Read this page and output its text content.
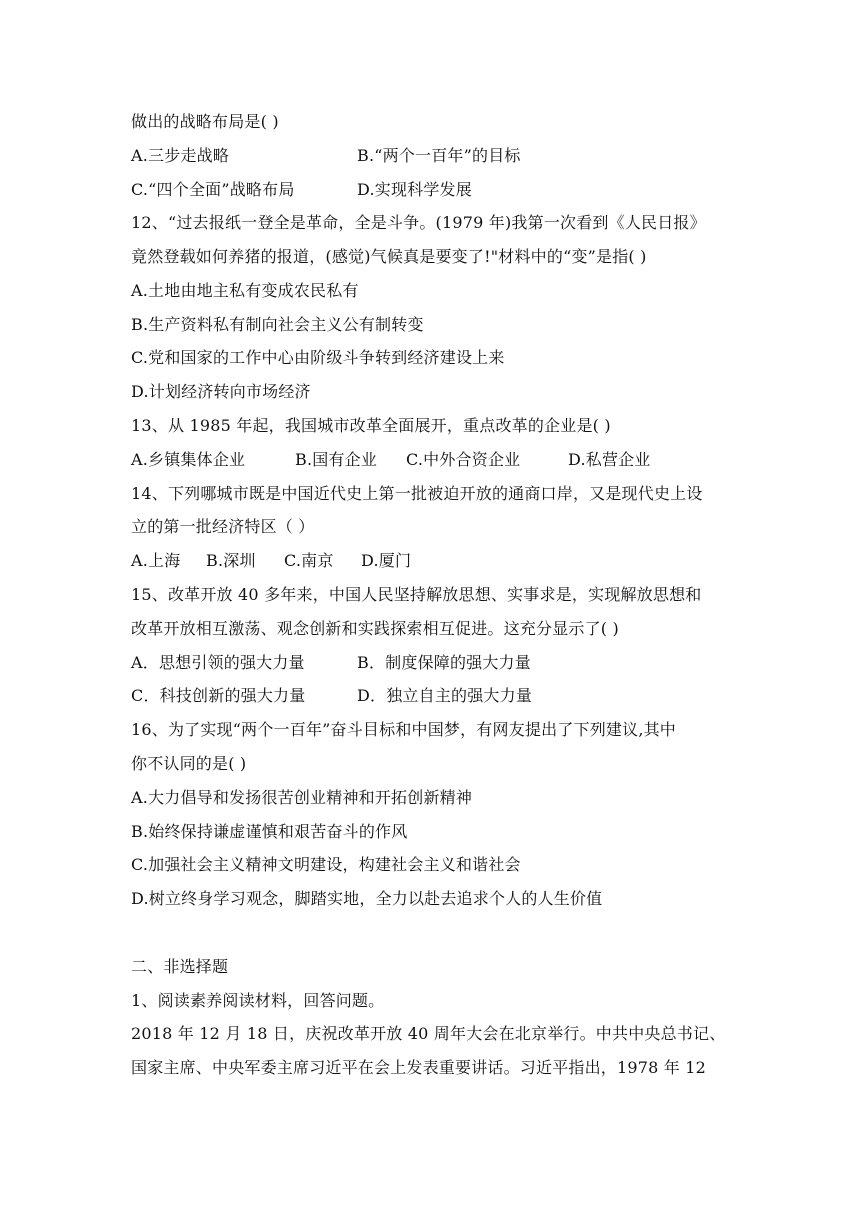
做出的战略布局是( )
A.三步走战略	B.“两个一百年”的目标
C.“四个全面”战略布局	D.实现科学发展
12、“过去报纸一登全是革命，全是斗争。(1979 年)我第一次看到《人民日报》
竟然登载如何养猪的报道，(感觉)气候真是要变了!"材料中的“变”是指( )
A.土地由地主私有变成农民私有
B.生产资料私有制向社会主义公有制转变
C.党和国家的工作中心由阶级斗争转到经济建设上来
D.计划经济转向市场经济
13、从 1985 年起，我国城市改革全面展开，重点改革的企业是( )
A.乡镇集体企业	B.国有企业 C.中外合资企业	D.私营企业
14、下列哪城市既是中国近代史上第一批被迫开放的通商口岸，又是现代史上设
立的第一批经济特区（ ）
A.上海 B.深圳 C.南京 D.厦门
15、改革开放 40 多年来，中国人民坚持解放思想、实事求是，实现解放思想和
改革开放相互激荡、观念创新和实践探索相互促进。这充分显示了( )
A．思想引领的强大力量	B．制度保障的强大力量
C．科技创新的强大力量	D．独立自主的强大力量
16、为了实现“两个一百年”奋斗目标和中国梦，有网友提出了下列建议,其中
你不认同的是( )
A.大力倡导和发扬很苦创业精神和开拓创新精神
B.始终保持谦虚谨慎和艰苦奋斗的作风
C.加强社会主义精神文明建设，构建社会主义和谐社会
D.树立终身学习观念，脚踏实地，全力以赴去追求个人的人生价值
二、非选择题
1、阅读素养阅读材料，回答问题。
2018 年 12 月 18 日，庆祝改革开放 40 周年大会在北京举行。中共中央总书记、
国家主席、中央军委主席习近平在会上发表重要讲话。习近平指出，1978 年 12
